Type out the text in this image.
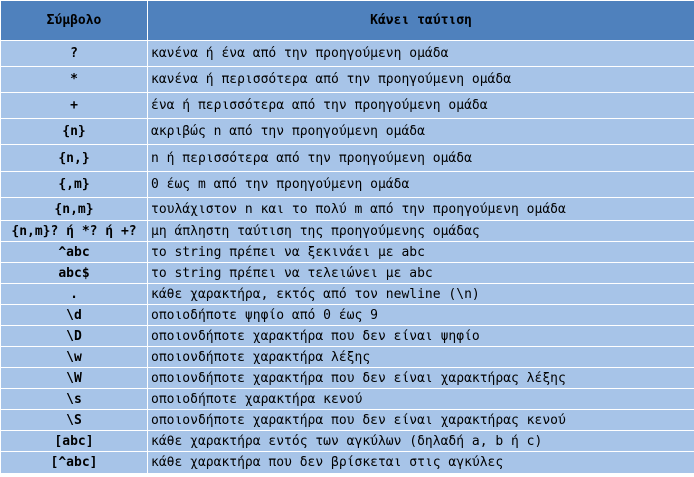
Σύμβολο	Κάνει ταύτιση
?	κανένα ή ένα από την προηγούμενη ομάδα
*	κανένα ή περισσότερα από την προηγούμενη ομάδα
+	ένα ή περισσότερα από την προηγούμενη ομάδα
{n}	ακριβώς n από την προηγούμενη ομάδα
{n,}	n ή περισσότερα από την προηγούμενη ομάδα
{,m}	0 έως m από την προηγούμενη ομάδα
{n,m}	τουλάχιστον n και το πολύ m από την προηγούμενη ομάδα
{n,m}? ή *? ή +?	μη άπληστη ταύτιση της προηγούμενης ομάδας
^abc	το string πρέπει να ξεκινάει με abc
abc$	το string πρέπει να τελειώνει με abc
.	κάθε χαρακτήρα, εκτός από τον newline (\n)
\d	οποιοδήποτε ψηφίο από 0 έως 9
\D	οποιονδήποτε χαρακτήρα που δεν είναι ψηφίο
\w	οποιονδήποτε χαρακτήρα λέξης
\W	οποιονδήποτε χαρακτήρα που δεν είναι χαρακτήρας λέξης
\s	οποιοδήποτε χαρακτήρα κενού
\S	οποιονδήποτε χαρακτήρα που δεν είναι χαρακτήρας κενού
[abc]	κάθε χαρακτήρα εντός των αγκύλων (δηλαδή a, b ή c)
[^abc]	κάθε χαρακτήρα που δεν βρίσκεται στις αγκύλες
